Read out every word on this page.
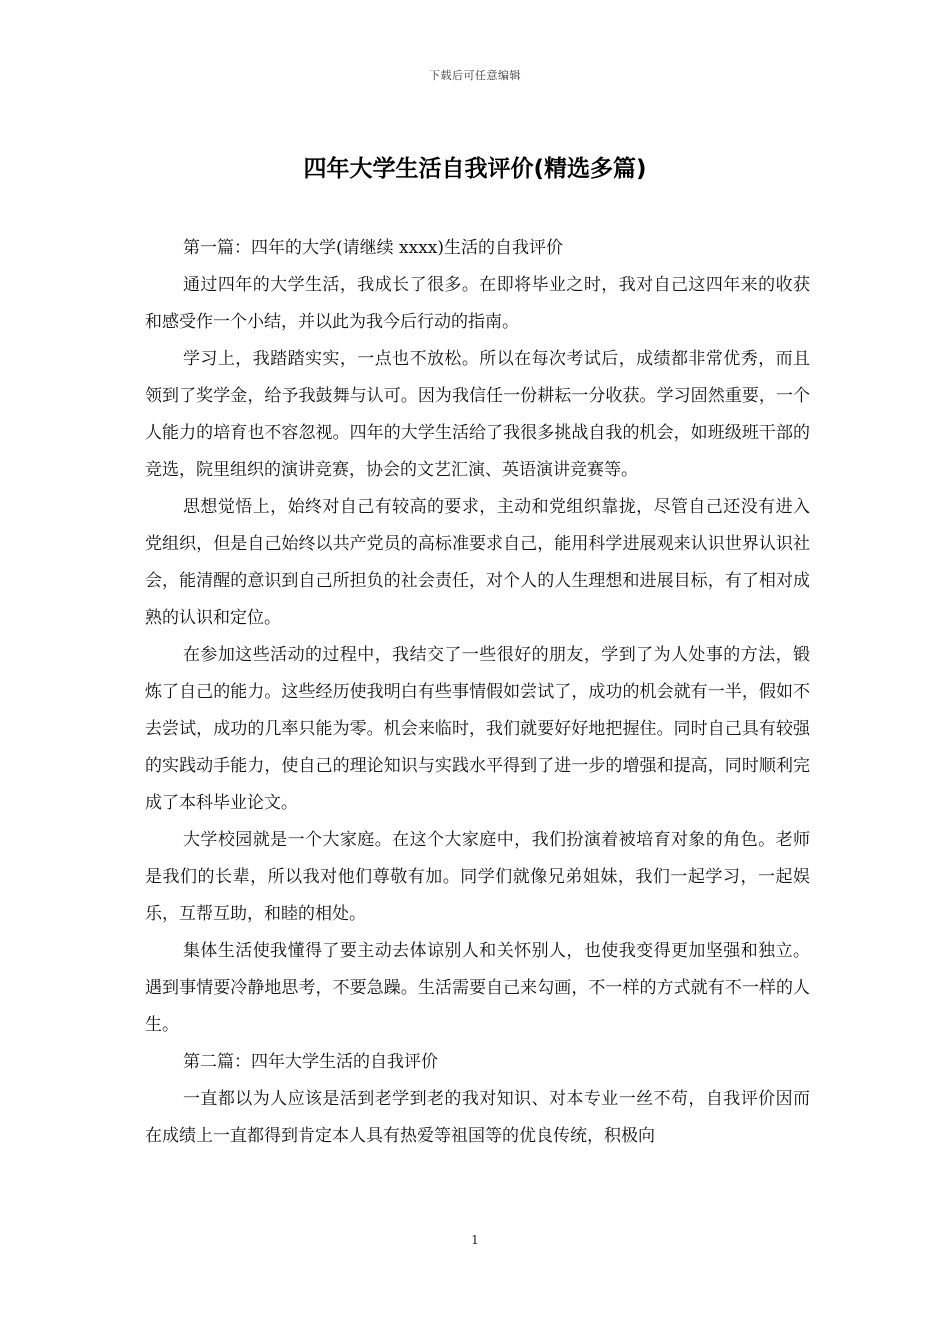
下载后可任意编辑
四年大学生活自我评价(精选多篇)

第一篇：四年的大学(请继续 xxxx)生活的自我评价

通过四年的大学生活，我成长了很多。在即将毕业之时，我对自己这四年来的收获和感受作一个小结，并以此为我今后行动的指南。

学习上，我踏踏实实，一点也不放松。所以在每次考试后，成绩都非常优秀，而且领到了奖学金，给予我鼓舞与认可。因为我信任一份耕耘一分收获。学习固然重要，一个人能力的培育也不容忽视。四年的大学生活给了我很多挑战自我的机会，如班级班干部的竞选，院里组织的演讲竞赛，协会的文艺汇演、英语演讲竞赛等。

思想觉悟上，始终对自己有较高的要求，主动和党组织靠拢，尽管自己还没有进入党组织，但是自己始终以共产党员的高标准要求自己，能用科学进展观来认识世界认识社会，能清醒的意识到自己所担负的社会责任，对个人的人生理想和进展目标，有了相对成熟的认识和定位。

在参加这些活动的过程中，我结交了一些很好的朋友，学到了为人处事的方法，锻炼了自己的能力。这些经历使我明白有些事情假如尝试了，成功的机会就有一半，假如不去尝试，成功的几率只能为零。机会来临时，我们就要好好地把握住。同时自己具有较强的实践动手能力，使自己的理论知识与实践水平得到了进一步的增强和提高，同时顺利完成了本科毕业论文。

大学校园就是一个大家庭。在这个大家庭中，我们扮演着被培育对象的角色。老师是我们的长辈，所以我对他们尊敬有加。同学们就像兄弟姐妹，我们一起学习，一起娱乐，互帮互助，和睦的相处。

集体生活使我懂得了要主动去体谅别人和关怀别人，也使我变得更加坚强和独立。遇到事情要冷静地思考，不要急躁。生活需要自己来勾画，不一样的方式就有不一样的人生。

第二篇：四年大学生活的自我评价

一直都以为人应该是活到老学到老的我对知识、对本专业一丝不苟，自我评价因而在成绩上一直都得到肯定本人具有热爱等祖国等的优良传统，积极向

1
